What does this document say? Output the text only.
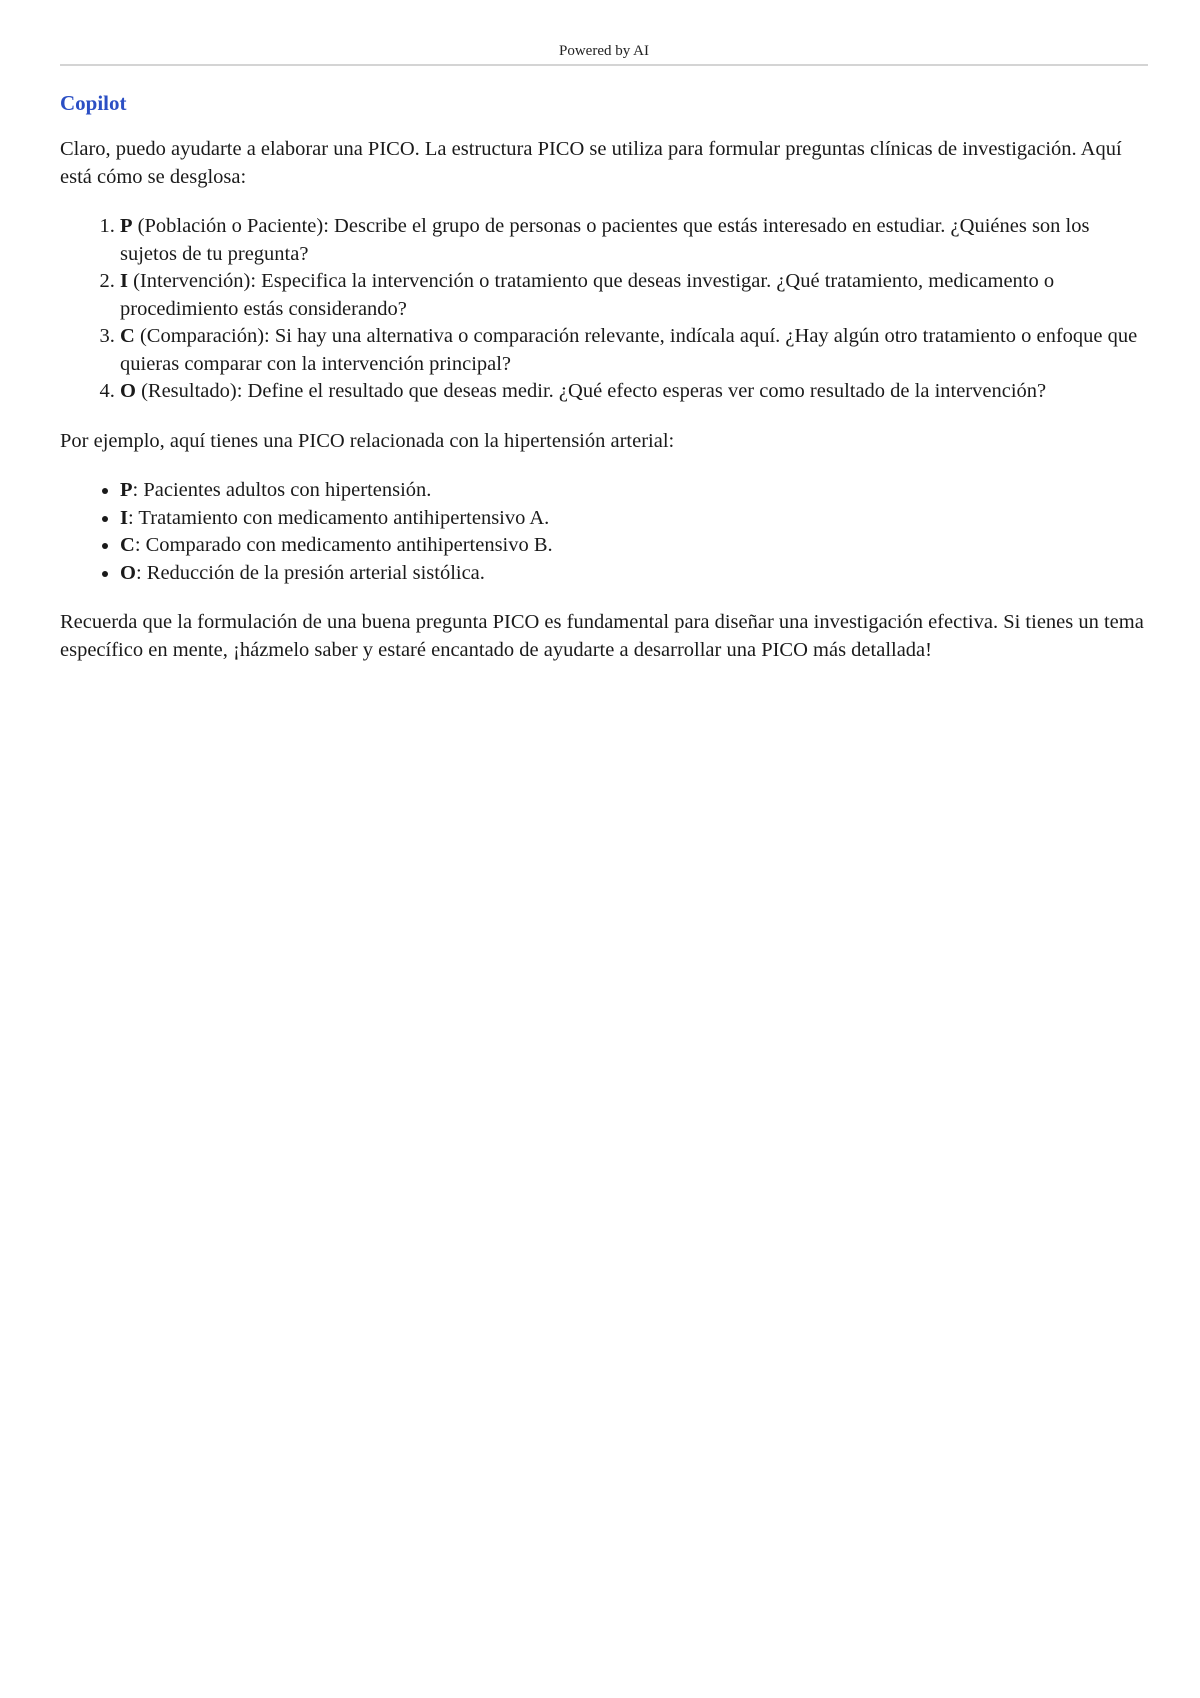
Powered by AI
Copilot

Claro, puedo ayudarte a elaborar una PICO. La estructura PICO se utiliza para formular preguntas clínicas de investigación. Aquí está cómo se desglosa:

1. P (Población o Paciente): Describe el grupo de personas o pacientes que estás interesado en estudiar. ¿Quiénes son los sujetos de tu pregunta?
2. I (Intervención): Especifica la intervención o tratamiento que deseas investigar. ¿Qué tratamiento, medicamento o procedimiento estás considerando?
3. C (Comparación): Si hay una alternativa o comparación relevante, indícala aquí. ¿Hay algún otro tratamiento o enfoque que quieras comparar con la intervención principal?
4. O (Resultado): Define el resultado que deseas medir. ¿Qué efecto esperas ver como resultado de la intervención?

Por ejemplo, aquí tienes una PICO relacionada con la hipertensión arterial:

• P: Pacientes adultos con hipertensión.
• I: Tratamiento con medicamento antihipertensivo A.
• C: Comparado con medicamento antihipertensivo B.
• O: Reducción de la presión arterial sistólica.

Recuerda que la formulación de una buena pregunta PICO es fundamental para diseñar una investigación efectiva. Si tienes un tema específico en mente, ¡házmelo saber y estaré encantado de ayudarte a desarrollar una PICO más detallada!
